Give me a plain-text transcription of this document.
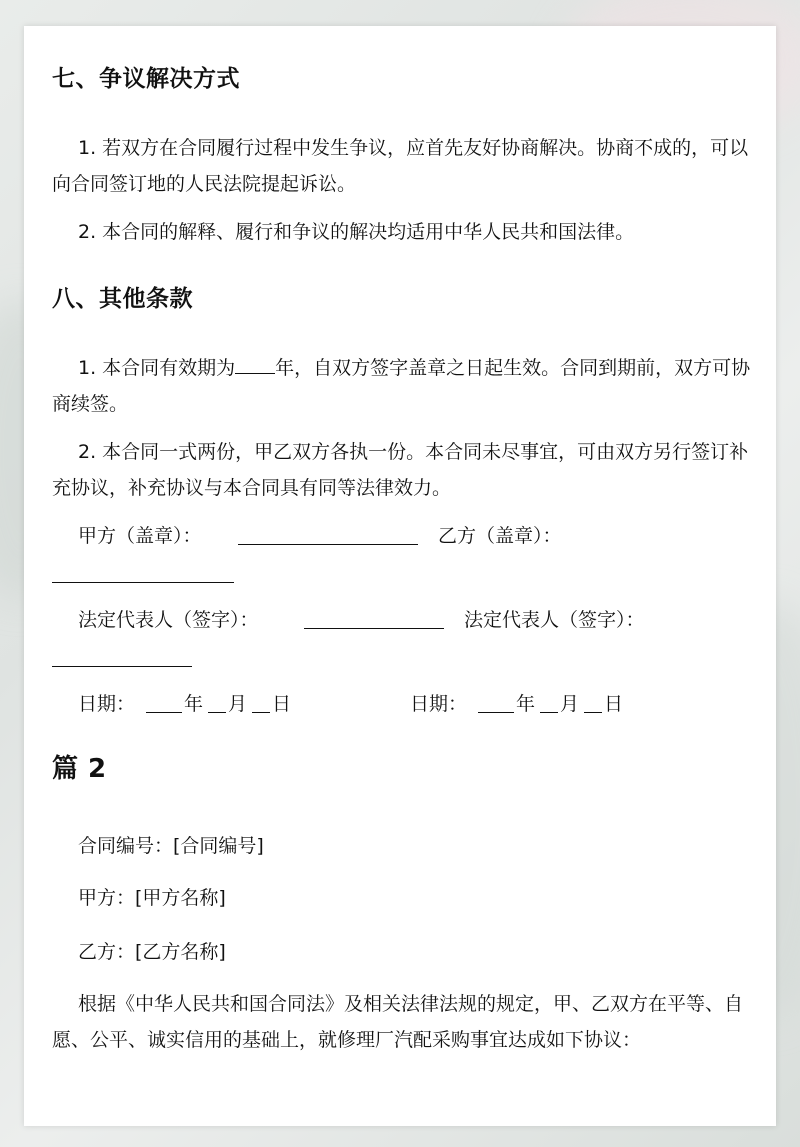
七、争议解决方式

1. 若双方在合同履行过程中发生争议，应首先友好协商解决。协商不成的，可以向合同签订地的人民法院提起诉讼。

2. 本合同的解释、履行和争议的解决均适用中华人民共和国法律。

八、其他条款

1. 本合同有效期为 年，自双方签字盖章之日起生效。合同到期前，双方可协商续签。

2. 本合同一式两份，甲乙双方各执一份。本合同未尽事宜，可由双方另行签订补充协议，补充协议与本合同具有同等法律效力。

甲方（盖章）：	乙方（盖章）：
法定代表人（签字）：	法定代表人（签字）：
日期：	年 月 日	日期：	年 月 日
篇 2

合同编号：[合同编号]

甲方：[甲方名称]

乙方：[乙方名称]

根据《中华人民共和国合同法》及相关法律法规的规定，甲、乙双方在平等、自愿、公平、诚实信用的基础上，就修理厂汽配采购事宜达成如下协议：
